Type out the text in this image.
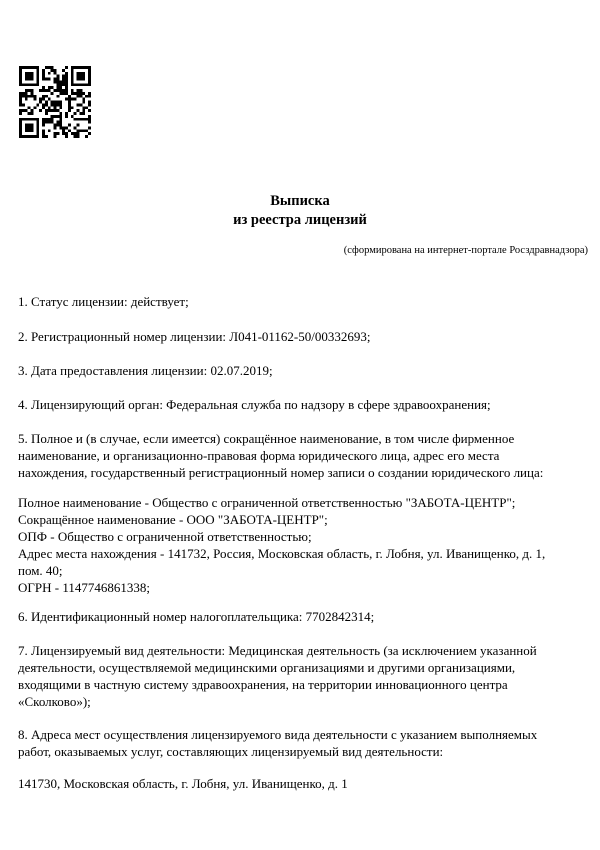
Выписка
из реестра лицензий
(сформирована на интернет-портале Росздравнадзора)
1. Статус лицензии: действует;
2. Регистрационный номер лицензии: Л041-01162-50/00332693;
3. Дата предоставления лицензии: 02.07.2019;
4. Лицензирующий орган: Федеральная служба по надзору в сфере здравоохранения;
5. Полное и (в случае, если имеется) сокращённое наименование, в том числе фирменное
наименование, и организационно-правовая форма юридического лица, адрес его места
нахождения, государственный регистрационный номер записи о создании юридического лица:
Полное наименование - Общество с ограниченной ответственностью "ЗАБОТА-ЦЕНТР";
Сокращённое наименование - ООО "ЗАБОТА-ЦЕНТР";
ОПФ - Общество с ограниченной ответственностью;
Адрес места нахождения - 141732, Россия, Московская область, г. Лобня, ул. Иванищенко, д. 1,
пом. 40;
ОГРН - 1147746861338;
6. Идентификационный номер налогоплательщика: 7702842314;
7. Лицензируемый вид деятельности: Медицинская деятельность (за исключением указанной
деятельности, осуществляемой медицинскими организациями и другими организациями,
входящими в частную систему здравоохранения, на территории инновационного центра
«Сколково»);
8. Адреса мест осуществления лицензируемого вида деятельности с указанием выполняемых
работ, оказываемых услуг, составляющих лицензируемый вид деятельности:
141730, Московская область, г. Лобня, ул. Иванищенко, д. 1
